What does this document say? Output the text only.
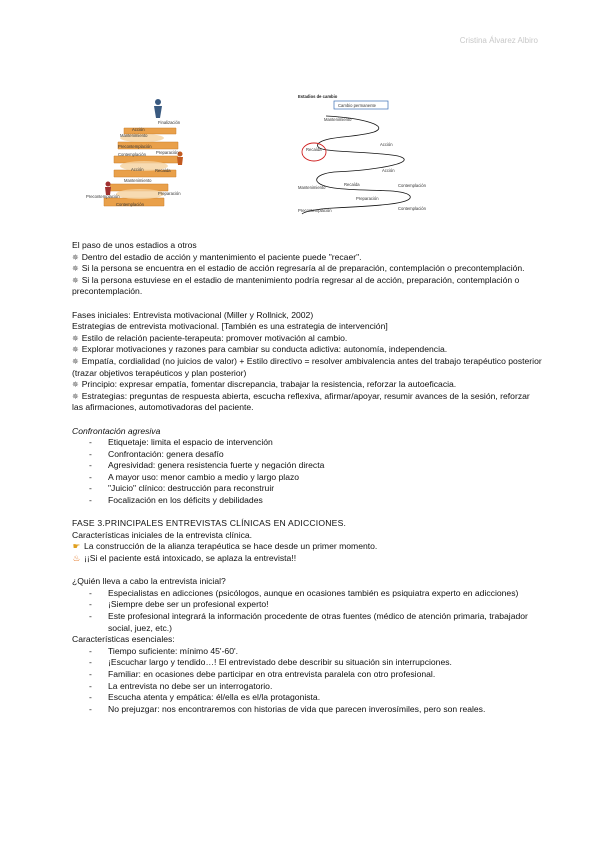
Cristina Álvarez Albiro
Finalización
Acción
Mantenimiento
Precontemplación
Contemplación Preparación
Acción	Recaída
Mantenimiento
Precontemplación
Preparación
Contemplación
Estadios de cambio
Cambio permanente
Mantenimiento
Acción
Recaída
Acción
Mantenimiento
Recaída	Contemplación
Preparación
Precontemplación	Contemplación

El paso de unos estadios a otros

✵ Dentro del estadio de acción y mantenimiento el paciente puede "recaer".

✵ Si la persona se encuentra en el estadio de acción regresaría al de preparación, contemplación o precontemplación.

✵ Si la persona estuviese en el estadio de mantenimiento podría regresar al de acción, preparación, contemplación o precontemplación.

Fases iniciales: Entrevista motivacional (Miller y Rollnick, 2002)

Estrategias de entrevista motivacional. [También es una estrategia de intervención]

✵ Estilo de relación paciente-terapeuta: promover motivación al cambio.

✵ Explorar motivaciones y razones para cambiar su conducta adictiva: autonomía, independencia.

✵ Empatía, cordialidad (no juicios de valor) + Estilo directivo = resolver ambivalencia antes del trabajo terapéutico posterior (trazar objetivos terapéuticos y plan posterior)

✵ Principio: expresar empatía, fomentar discrepancia, trabajar la resistencia, reforzar la autoeficacia.

✵ Estrategias: preguntas de respuesta abierta, escucha reflexiva, afirmar/apoyar, resumir avances de la sesión, reforzar las afirmaciones, automotivadoras del paciente.

Confrontación agresiva

- Etiquetaje: limita el espacio de intervención
- Confrontación: genera desafío
- Agresividad: genera resistencia fuerte y negación directa
- A mayor uso: menor cambio a medio y largo plazo
- "Juicio" clínico: destrucción para reconstruir
- Focalización en los déficits y debilidades

FASE 3.PRINCIPALES ENTREVISTAS CLÍNICAS EN ADICCIONES.

Características iniciales de la entrevista clínica.

☛ La construcción de la alianza terapéutica se hace desde un primer momento.

♨ ¡¡Si el paciente está intoxicado, se aplaza la entrevista!!

¿Quién lleva a cabo la entrevista inicial?

- Especialistas en adicciones (psicólogos, aunque en ocasiones también es psiquiatra experto en adicciones)
- ¡Siempre debe ser un profesional experto!
- Este profesional integrará la información procedente de otras fuentes (médico de atención primaria, trabajador social, juez, etc.)

Características esenciales:

- Tiempo suficiente: mínimo 45'-60'.
- ¡Escuchar largo y tendido…! El entrevistado debe describir su situación sin interrupciones.
- Familiar: en ocasiones debe participar en otra entrevista paralela con otro profesional.
- La entrevista no debe ser un interrogatorio.
- Escucha atenta y empática: él/ella es el/la protagonista.
- No prejuzgar: nos encontraremos con historias de vida que parecen inverosímiles, pero son reales.
